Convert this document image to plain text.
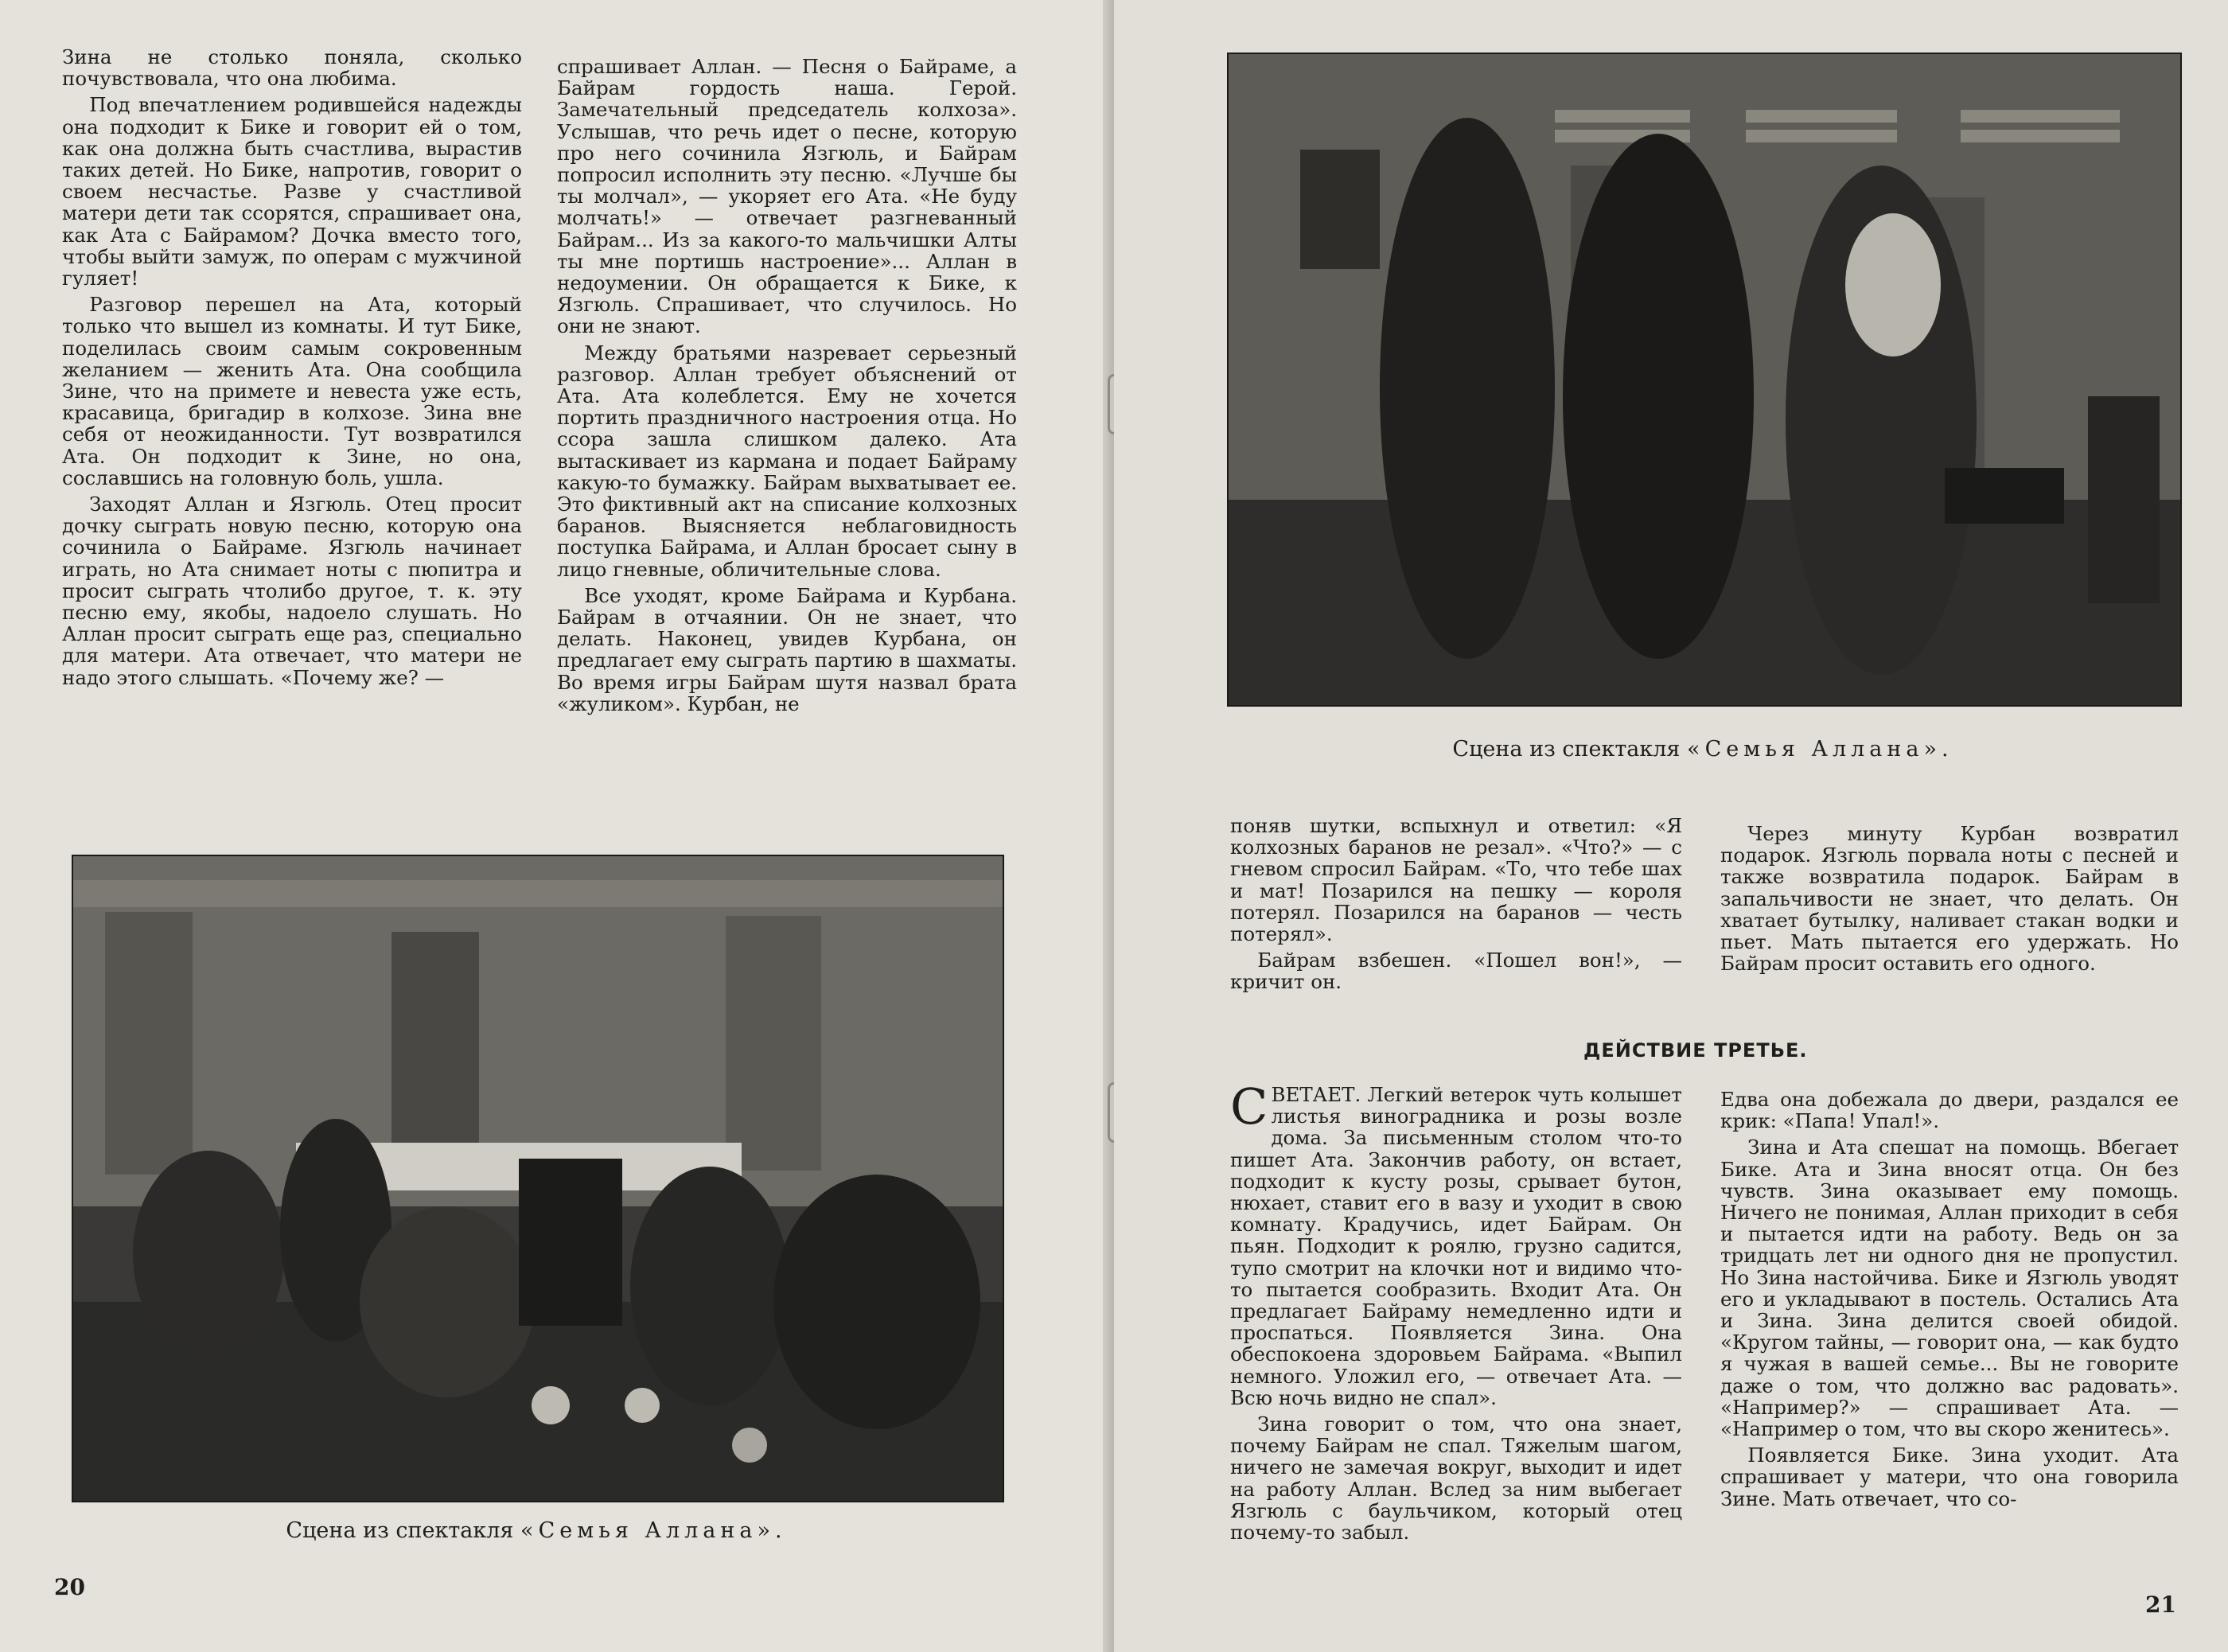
Зина не столько поняла, сколько почувствовала, что она любима.

Под впечатлением родившейся надежды она подходит к Бике и говорит ей о том, как она должна быть счастлива, вырастив таких детей. Но Бике, напротив, говорит о своем несчастье. Разве у счастливой матери дети так ссорятся, спрашивает она, как Ата с Байрамом? Дочка вместо того, чтобы выйти замуж, по операм с мужчиной гуляет!

Разговор перешел на Ата, который только что вышел из комнаты. И тут Бике, поделилась своим самым сокровенным желанием — женить Ата. Она сообщила Зине, что на примете и невеста уже есть, красавица, бригадир в колхозе. Зина вне себя от неожиданности. Тут возвратился Ата. Он подходит к Зине, но она, сославшись на головную боль, ушла.

Заходят Аллан и Язгюль. Отец просит дочку сыграть новую песню, которую она сочинила о Байраме. Язгюль начинает играть, но Ата снимает ноты с пюпитра и просит сыграть чтолибо другое, т. к. эту песню ему, якобы, надоело слушать. Но Аллан просит сыграть еще раз, специально для матери. Ата отвечает, что матери не надо этого слышать. «Почему же? —

спрашивает Аллан. — Песня о Байраме, а Байрам гордость наша. Герой. Замечательный председатель колхоза». Услышав, что речь идет о песне, которую про него сочинила Язгюль, и Байрам попросил исполнить эту песню. «Лучше бы ты молчал», — укоряет его Ата. «Не буду молчать!» — отвечает разгневанный Байрам... Из за какого-то мальчишки Алты ты мне портишь настроение»... Аллан в недоумении. Он обращается к Бике, к Язгюль. Спрашивает, что случилось. Но они не знают.

Между братьями назревает серьезный разговор. Аллан требует объяснений от Ата. Ата колеблется. Ему не хочется портить праздничного настроения отца. Но ссора зашла слишком далеко. Ата вытаскивает из кармана и подает Байраму какую-то бумажку. Байрам выхватывает ее. Это фиктивный акт на списание колхозных баранов. Выясняется неблаговидность поступка Байрама, и Аллан бросает сыну в лицо гневные, обличительные слова.

Все уходят, кроме Байрама и Курбана. Байрам в отчаянии. Он не знает, что делать. Наконец, увидев Курбана, он предлагает ему сыграть партию в шахматы. Во время игры Байрам шутя назвал брата «жуликом». Курбан, не

Сцена из спектакля «Семья Аллана».
20
Сцена из спектакля «Семья Аллана».

поняв шутки, вспыхнул и ответил: «Я колхозных баранов не резал». «Что?» — с гневом спросил Байрам. «То, что тебе шах и мат! Позарился на пешку — короля потерял. Позарился на баранов — честь потерял».

Байрам взбешен. «Пошел вон!», — кричит он.

Через минуту Курбан возвратил подарок. Язгюль порвала ноты с песней и также возвратила подарок. Байрам в запальчивости не знает, что делать. Он хватает бутылку, наливает стакан водки и пьет. Мать пытается его удержать. Но Байрам просит оставить его одного.

ДЕЙСТВИЕ ТРЕТЬЕ.

СВЕТАЕТ. Легкий ветерок чуть колышет листья виноградника и розы возле дома. За письменным столом что-то пишет Ата. Закончив работу, он встает, подходит к кусту розы, срывает бутон, нюхает, ставит его в вазу и уходит в свою комнату. Крадучись, идет Байрам. Он пьян. Подходит к роялю, грузно садится, тупо смотрит на клочки нот и видимо что-то пытается сообразить. Входит Ата. Он предлагает Байраму немедленно идти и проспаться. Появляется Зина. Она обеспокоена здоровьем Байрама. «Выпил немного. Уложил его, — отвечает Ата. — Всю ночь видно не спал».

Зина говорит о том, что она знает, почему Байрам не спал. Тяжелым шагом, ничего не замечая вокруг, выходит и идет на работу Аллан. Вслед за ним выбегает Язгюль с баульчиком, который отец почему-то забыл.

Едва она добежала до двери, раздался ее крик: «Папа! Упал!».

Зина и Ата спешат на помощь. Вбегает Бике. Ата и Зина вносят отца. Он без чувств. Зина оказывает ему помощь. Ничего не понимая, Аллан приходит в себя и пытается идти на работу. Ведь он за тридцать лет ни одного дня не пропустил. Но Зина настойчива. Бике и Язгюль уводят его и укладывают в постель. Остались Ата и Зина. Зина делится своей обидой. «Кругом тайны, — говорит она, — как будто я чужая в вашей семье... Вы не говорите даже о том, что должно вас радовать». «Например?» — спрашивает Ата. — «Например о том, что вы скоро женитесь».

Появляется Бике. Зина уходит. Ата спрашивает у матери, что она говорила Зине. Мать отвечает, что со-

21
